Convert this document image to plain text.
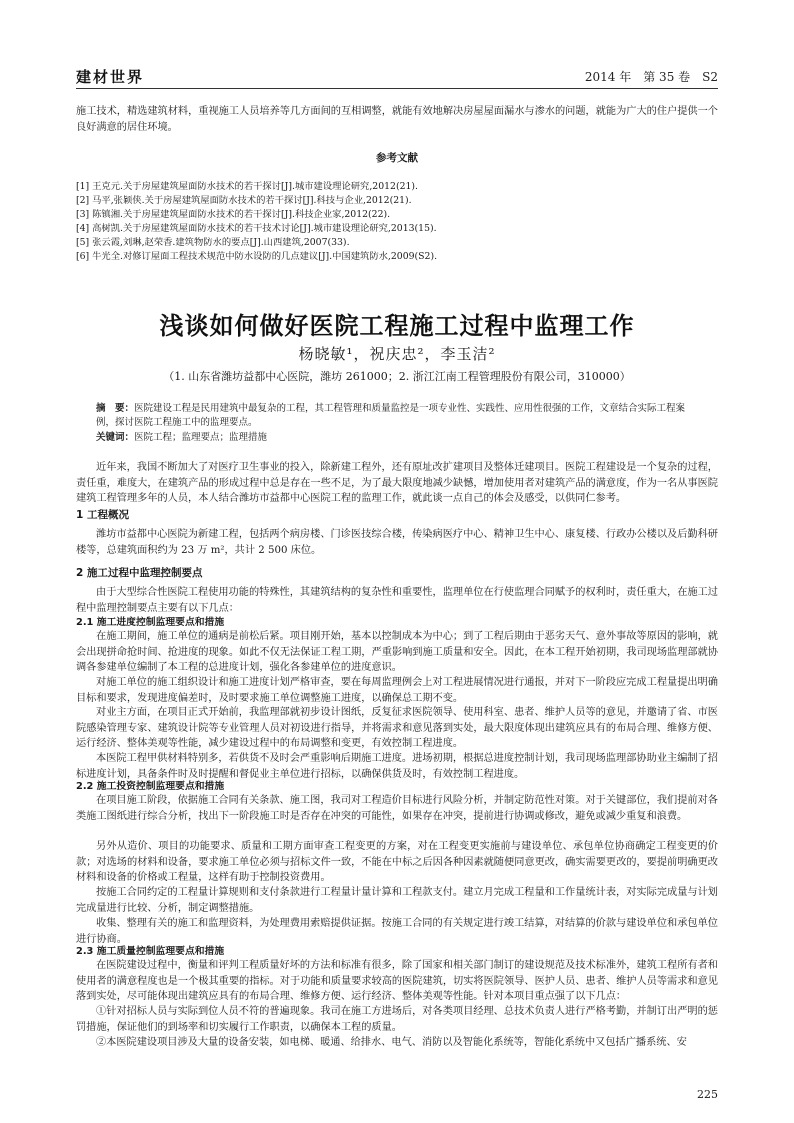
建材世界	2014 年　第 35 卷　S2

施工技术，精选建筑材料，重视施工人员培养等几方面间的互相调整，就能有效地解决房屋屋面漏水与渗水的问题，就能为广大的住户提供一个良好满意的居住环境。

参考文献
[1] 王克元.关于房屋建筑屋面防水技术的若干探讨[J].城市建设理论研究,2012(21).
[2] 马平,张颖侠.关于房屋建筑屋面防水技术的若干探讨[J].科技与企业,2012(21).
[3] 陈镇湘.关于房屋建筑屋面防水技术的若干探讨[J].科技企业家,2012(22).
[4] 高树凯.关于房屋建筑屋面防水技术的若干技术讨论[J].城市建设理论研究,2013(15).
[5] 张云霞,刘琳,赵荣香.建筑物防水的要点[J].山西建筑,2007(33).
[6] 牛光全.对修订屋面工程技术规范中防水设防的几点建议[J].中国建筑防水,2009(S2).
浅谈如何做好医院工程施工过程中监理工作
杨晓敏¹，祝庆忠²，李玉洁²
（1. 山东省潍坊益都中心医院，潍坊 261000；2. 浙江江南工程管理股份有限公司，310000）
摘　要：医院建设工程是民用建筑中最复杂的工程，其工程管理和质量监控是一项专业性、实践性、应用性很强的工作，文章结合实际工程案例，探讨医院工程施工中的监理要点。
关键词：医院工程；监理要点；监理措施

近年来，我国不断加大了对医疗卫生事业的投入，除新建工程外，还有原址改扩建项目及整体迁建项目。医院工程建设是一个复杂的过程，责任重，难度大，在建筑产品的形成过程中总是存在一些不足，为了最大限度地减少缺憾，增加使用者对建筑产品的满意度，作为一名从事医院建筑工程管理多年的人员，本人结合潍坊市益都中心医院工程的监理工作，就此谈一点自己的体会及感受，以供同仁参考。

1 工程概况

潍坊市益都中心医院为新建工程，包括两个病房楼、门诊医技综合楼，传染病医疗中心、精神卫生中心、康复楼、行政办公楼以及后勤科研楼等，总建筑面积约为 23 万 m²，共计 2 500 床位。

2 施工过程中监理控制要点

由于大型综合性医院工程使用功能的特殊性，其建筑结构的复杂性和重要性，监理单位在行使监理合同赋予的权利时，责任重大，在施工过程中监理控制要点主要有以下几点：

2.1 施工进度控制监理要点和措施

在施工期间，施工单位的通病是前松后紧。项目刚开始，基本以控制成本为中心；到了工程后期由于恶劣天气、意外事故等原因的影响，就会出现拼命抢时间、抢进度的现象。如此不仅无法保证工程工期，严重影响到施工质量和安全。因此，在本工程开始初期，我司现场监理部就协调各参建单位编制了本工程的总进度计划，强化各参建单位的进度意识。

对施工单位的施工组织设计和施工进度计划严格审查，要在每周监理例会上对工程进展情况进行通报，并对下一阶段应完成工程量提出明确目标和要求，发现进度偏差时，及时要求施工单位调整施工进度，以确保总工期不变。

对业主方面，在项目正式开始前，我监理部就初步设计图纸，反复征求医院领导、使用科室、患者、维护人员等的意见，并邀请了省、市医院感染管理专家、建筑设计院等专业管理人员对初设进行指导，并将需求和意见落到实处，最大限度体现出建筑应具有的布局合理、维修方便、运行经济、整体美观等性能，减少建设过程中的布局调整和变更，有效控制工程进度。

本医院工程甲供材料特别多，若供货不及时会严重影响后期施工进度。进场初期，根据总进度控制计划，我司现场监理部协助业主编制了招标进度计划，具备条件时及时提醒和督促业主单位进行招标，以确保供货及时，有效控制工程进度。

2.2 施工投资控制监理要点和措施

在项目施工阶段，依据施工合同有关条款、施工图，我司对工程造价目标进行风险分析，并制定防范性对策。对于关键部位，我们提前对各类施工图纸进行综合分析，找出下一阶段施工时是否存在冲突的可能性，如果存在冲突，提前进行协调或修改，避免或减少重复和浪费。

另外从造价、项目的功能要求、质量和工期方面审查工程变更的方案，对在工程变更实施前与建设单位、承包单位协商确定工程变更的价款；对选场的材料和设备，要求施工单位必须与招标文件一致，不能在中标之后因各种因素就随便同意更改，确实需要更改的，要提前明确更改材料和设备的价格或工程量，这样有助于控制投资费用。

按施工合同约定的工程量计算规则和支付条款进行工程量计量计算和工程款支付。建立月完成工程量和工作量统计表，对实际完成量与计划完成量进行比较、分析，制定调整措施。

收集、整理有关的施工和监理资料，为处理费用索赔提供证据。按施工合同的有关规定进行竣工结算，对结算的价款与建设单位和承包单位进行协商。

2.3 施工质量控制监理要点和措施

在医院建设过程中，衡量和评判工程质量好坏的方法和标准有很多，除了国家和相关部门制订的建设规范及技术标准外，建筑工程所有者和使用者的满意程度也是一个极其重要的指标。对于功能和质量要求较高的医院建筑，切实将医院领导、医护人员、患者、维护人员等需求和意见落到实处，尽可能体现出建筑应具有的布局合理、维修方便、运行经济、整体美观等性能。针对本项目重点强了以下几点：

①针对招标人员与实际到位人员不符的普遍现象。我司在施工方进场后，对各类项目经理、总技术负责人进行严格考勤，并制订出严明的惩罚措施，保证他们的到场率和切实履行工作职责，以确保本工程的质量。

②本医院建设项目涉及大量的设备安装，如电梯、暖通、给排水、电气、消防以及智能化系统等，智能化系统中又包括广播系统、安

225
